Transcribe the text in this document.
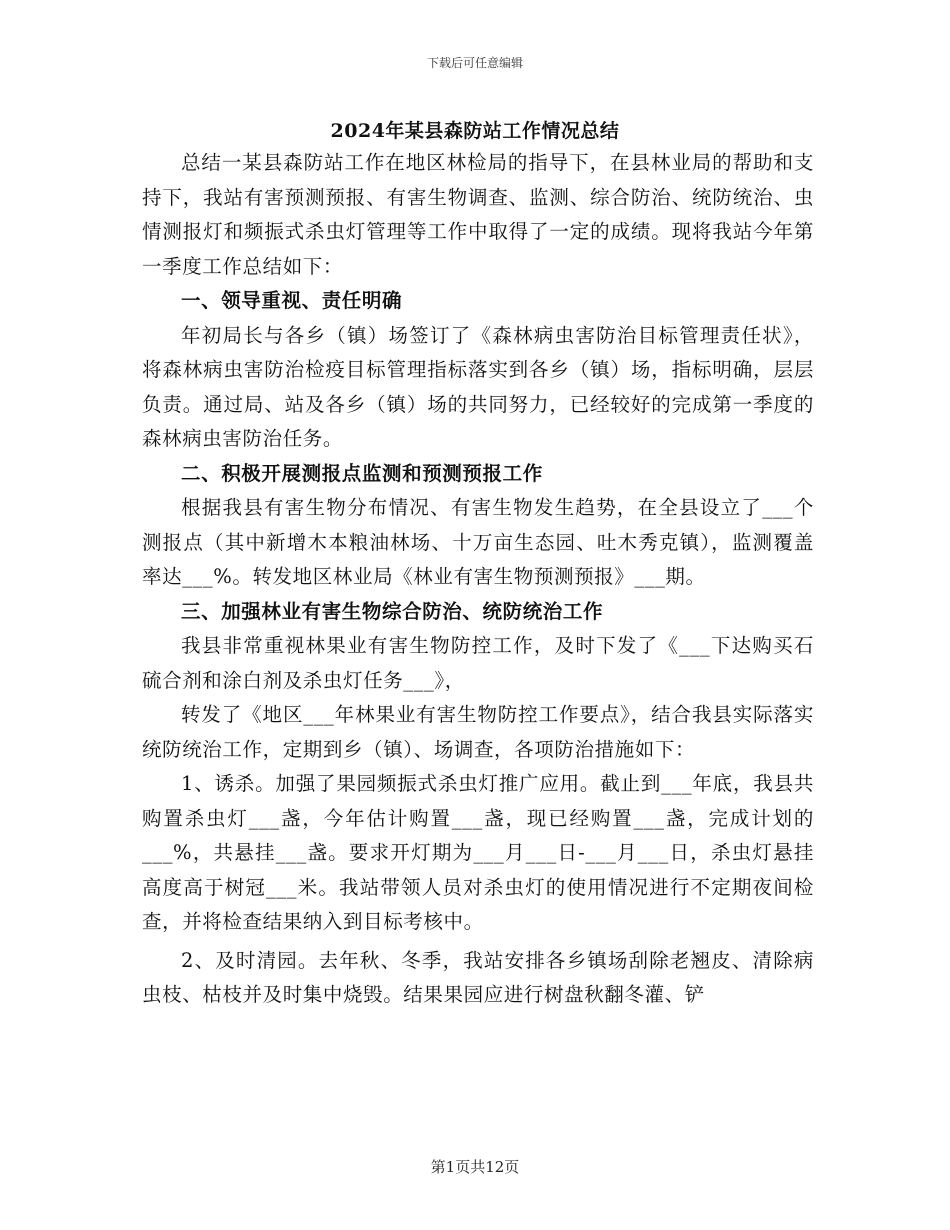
下载后可任意编辑
2024年某县森防站工作情况总结

总结一某县森防站工作在地区林检局的指导下，在县林业局的帮助和支持下，我站有害预测预报、有害生物调查、监测、综合防治、统防统治、虫情测报灯和频振式杀虫灯管理等工作中取得了一定的成绩。现将我站今年第一季度工作总结如下：

一、领导重视、责任明确

年初局长与各乡（镇）场签订了《森林病虫害防治目标管理责任状》，将森林病虫害防治检疫目标管理指标落实到各乡（镇）场，指标明确，层层负责。通过局、站及各乡（镇）场的共同努力，已经较好的完成第一季度的森林病虫害防治任务。

二、积极开展测报点监测和预测预报工作

根据我县有害生物分布情况、有害生物发生趋势，在全县设立了___个测报点（其中新增木本粮油林场、十万亩生态园、吐木秀克镇），监测覆盖率达___%。转发地区林业局《林业有害生物预测预报》___期。

三、加强林业有害生物综合防治、统防统治工作

我县非常重视林果业有害生物防控工作，及时下发了《___下达购买石硫合剂和涂白剂及杀虫灯任务___》，

转发了《地区___年林果业有害生物防控工作要点》，结合我县实际落实统防统治工作，定期到乡（镇）、场调查，各项防治措施如下：

1、诱杀。加强了果园频振式杀虫灯推广应用。截止到___年底，我县共购置杀虫灯___盏，今年估计购置___盏，现已经购置___盏，完成计划的___%，共悬挂___盏。要求开灯期为___月___日-___月___日，杀虫灯悬挂高度高于树冠___米。我站带领人员对杀虫灯的使用情况进行不定期夜间检查，并将检查结果纳入到目标考核中。

2、及时清园。去年秋、冬季，我站安排各乡镇场刮除老翘皮、清除病虫枝、枯枝并及时集中烧毁。结果果园应进行树盘秋翻冬灌、铲

第1页共12页
